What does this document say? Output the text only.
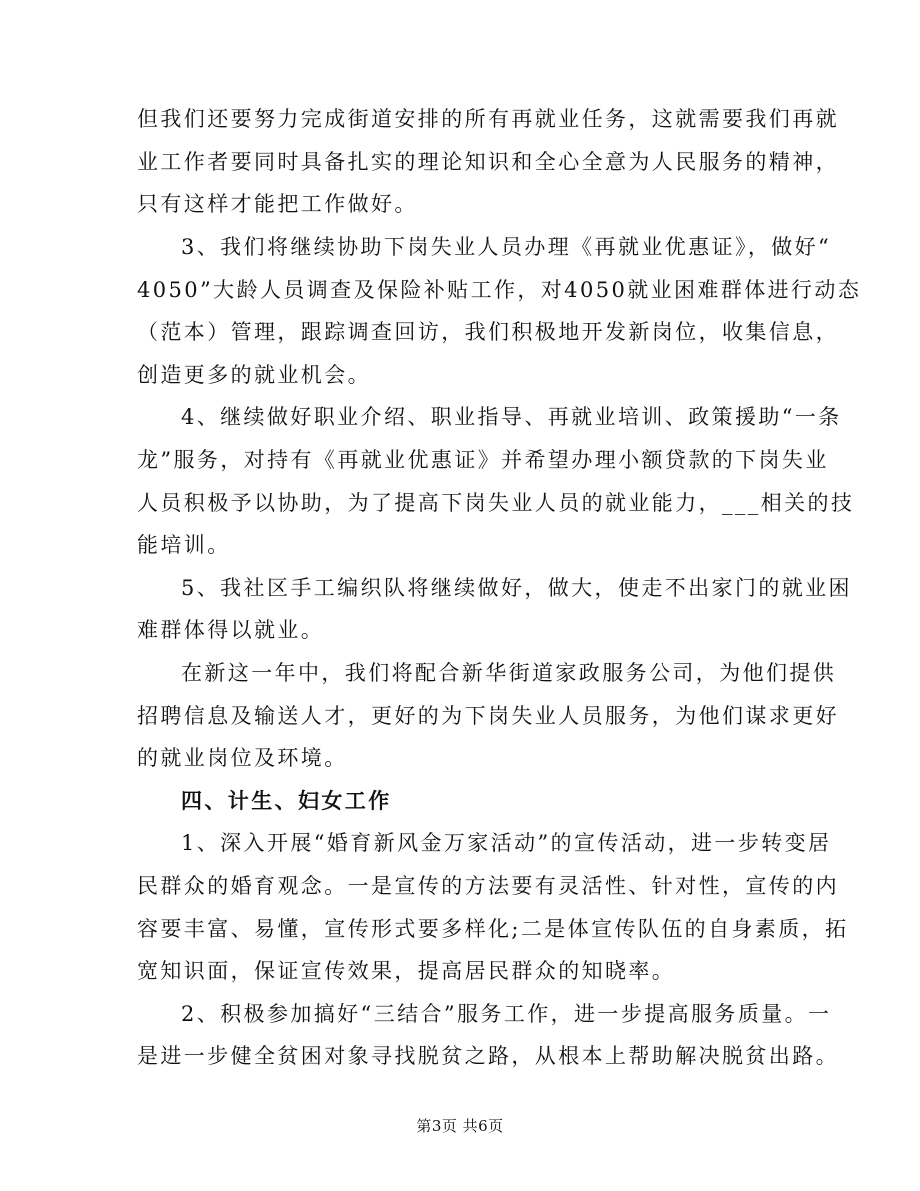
但我们还要努力完成街道安排的所有再就业任务，这就需要我们再就
业工作者要同时具备扎实的理论知识和全心全意为人民服务的精神，
只有这样才能把工作做好。
3、我们将继续协助下岗失业人员办理《再就业优惠证》，做好“
4050”大龄人员调查及保险补贴工作，对4050就业困难群体进行动态
（范本）管理，跟踪调查回访，我们积极地开发新岗位，收集信息，
创造更多的就业机会。
4、继续做好职业介绍、职业指导、再就业培训、政策援助“一条
龙”服务，对持有《再就业优惠证》并希望办理小额贷款的下岗失业
人员积极予以协助，为了提高下岗失业人员的就业能力，___相关的技
能培训。
5、我社区手工编织队将继续做好，做大，使走不出家门的就业困
难群体得以就业。
在新这一年中，我们将配合新华街道家政服务公司，为他们提供
招聘信息及输送人才，更好的为下岗失业人员服务，为他们谋求更好
的就业岗位及环境。
四、计生、妇女工作
1、深入开展“婚育新风金万家活动”的宣传活动，进一步转变居
民群众的婚育观念。一是宣传的方法要有灵活性、针对性，宣传的内
容要丰富、易懂，宣传形式要多样化;二是体宣传队伍的自身素质，拓
宽知识面，保证宣传效果，提高居民群众的知晓率。
2、积极参加搞好“三结合”服务工作，进一步提高服务质量。一
是进一步健全贫困对象寻找脱贫之路，从根本上帮助解决脱贫出路。
第3页 共6页
